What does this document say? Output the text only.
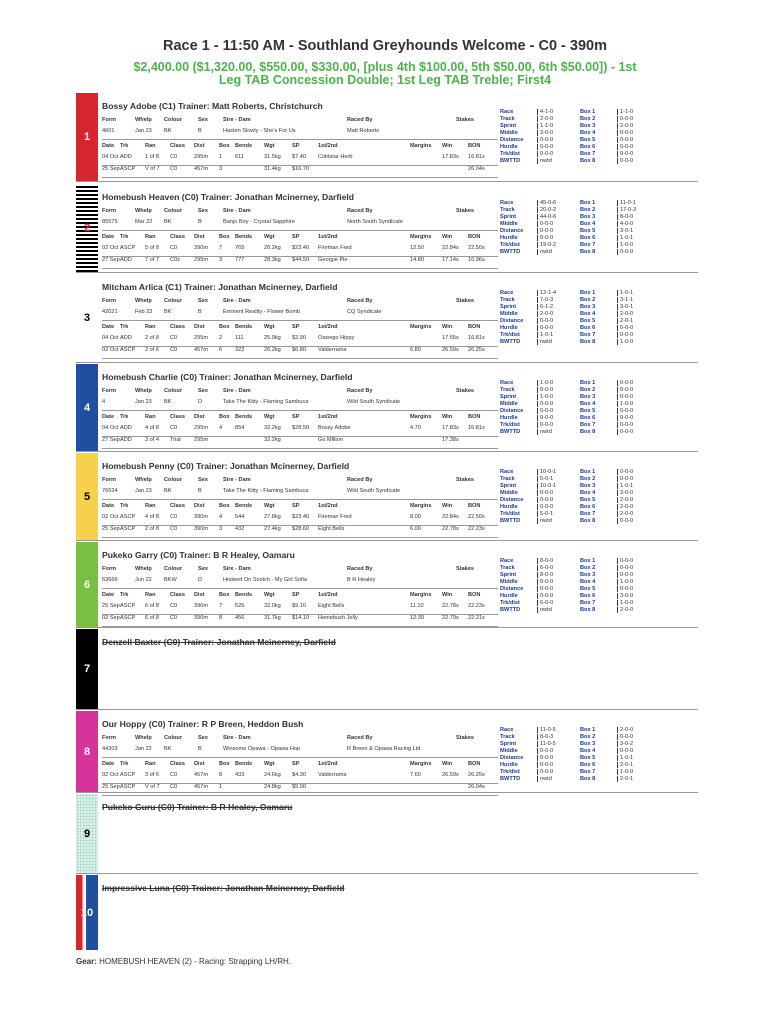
Race 1 - 11:50 AM - Southland Greyhounds Welcome - C0 - 390m
$2,400.00 ($1,320.00, $550.00, $330.00, [plus 4th $100.00, 5th $50.00, 6th $50.00]) - 1st
Leg TAB Concession Double; 1st Leg TAB Treble; First4
1
Bossy Adobe (C1) Trainer: Matt Roberts, Christchurch
Form	Whelp Colour	Sex	Sire - Dam	Raced By	Stakes
4601	Jan 23 BK	B	Hasten Slowly - She's For Us	Matt Roberts
Date Trk	Ran	Class Dist	Box Bends Wgt	SP	1st/2nd	Margins Win	BON
04 Oct ADD 1 of 8 C0	295m 1 611	31.5kg $7.40 Coldstar Herb	17.83s 16.81s
25 Sep ASCP V of 7 C0	457m 3	31.4kg $16.70	26.04s
Race	4-1-0	Box 1	1-1-0
Track	2-0-0	Box 2	0-0-0
Sprint	1-1-0	Box 3	2-0-0
Middle	3-0-0	Box 4	0-0-0
Distance	0-0-0	Box 5	0-0-0
Hurdle	0-0-0	Box 6	0-0-0
Trk/dist	0-0-0	Box 7	0-0-0
BWTTD	nwtd	Box 8	0-0-0
2
Homebush Heaven (C0) Trainer: Jonathan Mcinerney, Darfield
Form	Whelp Colour	Sex	Sire - Dam	Raced By	Stakes
85575	Mar 22 BK	B	Banjo Boy - Crystal Sapphire	North South Syndicate
Date Trk	Ran	Class Dist	Box Bends Wgt	SP	1st/2nd	Margins Win	BON
02 Oct ASCP 5 of 8 C0	390m 7 765	28.2kg $23.40 Fireman Fred	12.50	22.84s 22.50s
27 Sep ADD 7 of 7 C0z	295m 3 777	28.3kg $44.50 Georgie Pie	14.80	17.14s 16.96s
Race	45-0-6	Box 1	11-0-1
Track	20-0-2	Box 2	17-0-3
Sprint	44-0-6	Box 3	8-0-0
Middle	0-0-0	Box 4	4-0-0
Distance	0-0-0	Box 5	3-0-1
Hurdle	0-0-0	Box 6	1-0-1
Trk/dist	19-0-2	Box 7	1-0-0
BWTTD	nwtd	Box 8	0-0-0
3
Mitcham Arlica (C1) Trainer: Jonathan Mcinerney, Darfield
Form	Whelp Colour	Sex	Sire - Dam	Raced By	Stakes
42021	Feb 23 BK	B	Eminent Reality - Flower Bomb	CQ Syndicate
Date Trk	Ran	Class Dist	Box Bends Wgt	SP	1st/2nd	Margins Win	BON
04 Oct ADD 2 of 8 C0	295m 2 111	25.9kg $2.90 Oswego Hippy	17.55s 16.81s
02 Oct ASCP 2 of 6 C0	457m 6 322	26.2kg $6.80 Valderrama	6.80	26.59s 26.25s
Race	12-1-4	Box 1	1-0-1
Track	7-0-3	Box 2	3-1-1
Sprint	6-1-2	Box 3	3-0-1
Middle	2-0-0	Box 4	2-0-0
Distance	0-0-0	Box 5	2-0-1
Hurdle	0-0-0	Box 6	0-0-0
Trk/dist	1-0-1	Box 7	0-0-0
BWTTD	nwtd	Box 8	1-0-0
4
Homebush Charlie (C0) Trainer: Jonathan Mcinerney, Darfield
Form	Whelp Colour	Sex	Sire - Dam	Raced By	Stakes
4	Jan 23 BK	D	Take The Kitty - Flaming Sambuca	Wild South Syndicate
Date Trk	Ran	Class Dist	Box Bends Wgt	SP	1st/2nd	Margins Win	BON
04 Oct ADD 4 of 8 C0	295m 4 854	32.2kg $28.50 Bossy Adobe	4.70	17.83s 16.81s
27 Sep ADD 3 of 4 Trial 295m	32.2kg	Go Million	17.38s
Race	1-0-0	Box 1	0-0-0
Track	0-0-0	Box 2	0-0-0
Sprint	1-0-0	Box 3	0-0-0
Middle	0-0-0	Box 4	1-0-0
Distance	0-0-0	Box 5	0-0-0
Hurdle	0-0-0	Box 6	0-0-0
Trk/dist	0-0-0	Box 7	0-0-0
BWTTD	nwtd	Box 8	0-0-0
5
Homebush Penny (C0) Trainer: Jonathan Mcinerney, Darfield
Form	Whelp Colour	Sex	Sire - Dam	Raced By	Stakes
76624	Jan 23 BK	B	Take The Kitty - Flaming Sambuca	Wild South Syndicate
Date Trk	Ran	Class Dist	Box Bends Wgt	SP	1st/2nd	Margins Win	BON
02 Oct ASCP 4 of 8 C0	390m 4 544	27.8kg $23.40 Fireman Fred	8.00	22.84s 22.50s
25 Sep ASCP 2 of 8 C0	390m 3 432	27.4kg $28.60 Eight Bells	6.00	22.78s 22.23s
Race	10-0-1	Box 1	0-0-0
Track	5-0-1	Box 2	0-0-0
Sprint	10-0-1	Box 3	1-0-1
Middle	0-0-0	Box 4	3-0-0
Distance	0-0-0	Box 5	2-0-0
Hurdle	0-0-0	Box 6	2-0-0
Trk/dist	5-0-1	Box 7	2-0-0
BWTTD	nwtd	Box 8	0-0-0
6
Pukeko Garry (C0) Trainer: B R Healey, Oamaru
Form	Whelp Colour	Sex	Sire - Dam	Raced By	Stakes
63666	Jun 22 BKW	D	Hooked On Scotch - My Girl Sofia	B R Healey
Date Trk	Ran	Class Dist	Box Bends Wgt	SP	1st/2nd	Margins Win	BON
25 Sep ASCP 6 of 8 C0	390m 7 526	32.0kg $9.10 Eight Bells	11.10	22.78s 22.23s
02 Sep ASCP 6 of 8 C0	390m 8 456	31.7kg $14.10 Homebush Jelly	12.30	22.79s 22.21s
Race	8-0-0	Box 1	0-0-0
Track	6-0-0	Box 2	0-0-0
Sprint	8-0-0	Box 3	0-0-0
Middle	0-0-0	Box 4	1-0-0
Distance	0-0-0	Box 5	0-0-0
Hurdle	0-0-0	Box 6	3-0-0
Trk/dist	6-0-0	Box 7	1-0-0
BWTTD	nwtd	Box 8	2-0-0
7
Denzell Baxter (C0) Trainer: Jonathan Mcinerney, Darfield
8
Our Hoppy (C0) Trainer: R P Breen, Heddon Bush
Form	Whelp Colour	Sex	Sire - Dam	Raced By	Stakes
44303	Jan 22 BK	B	Winsome Opawa - Opawa Hop	R Breen & Opawa Racing Ltd
Date Trk	Ran	Class Dist	Box Bends Wgt	SP	1st/2nd	Margins Win	BON
02 Oct ASCP 3 of 6 C0	457m 8 433	24.6kg $4.30 Valderrama	7.60	26.59s 26.25s
25 Sep ASCP V of 7 C0	457m 1	24.8kg $5.00	26.04s
Race	11-0-5	Box 1	2-0-0
Track	8-0-3	Box 2	0-0-0
Sprint	11-0-5	Box 3	3-0-2
Middle	0-0-0	Box 4	0-0-0
Distance	0-0-0	Box 5	1-0-1
Hurdle	0-0-0	Box 6	2-0-1
Trk/dist	0-0-0	Box 7	1-0-0
BWTTD	nwtd	Box 8	2-0-1
9
Pukeko Guru (C0) Trainer: B R Healey, Oamaru
10
Impressive Luna (C0) Trainer: Jonathan Mcinerney, Darfield
Gear: HOMEBUSH HEAVEN (2) - Racing: Strapping LH/RH.
